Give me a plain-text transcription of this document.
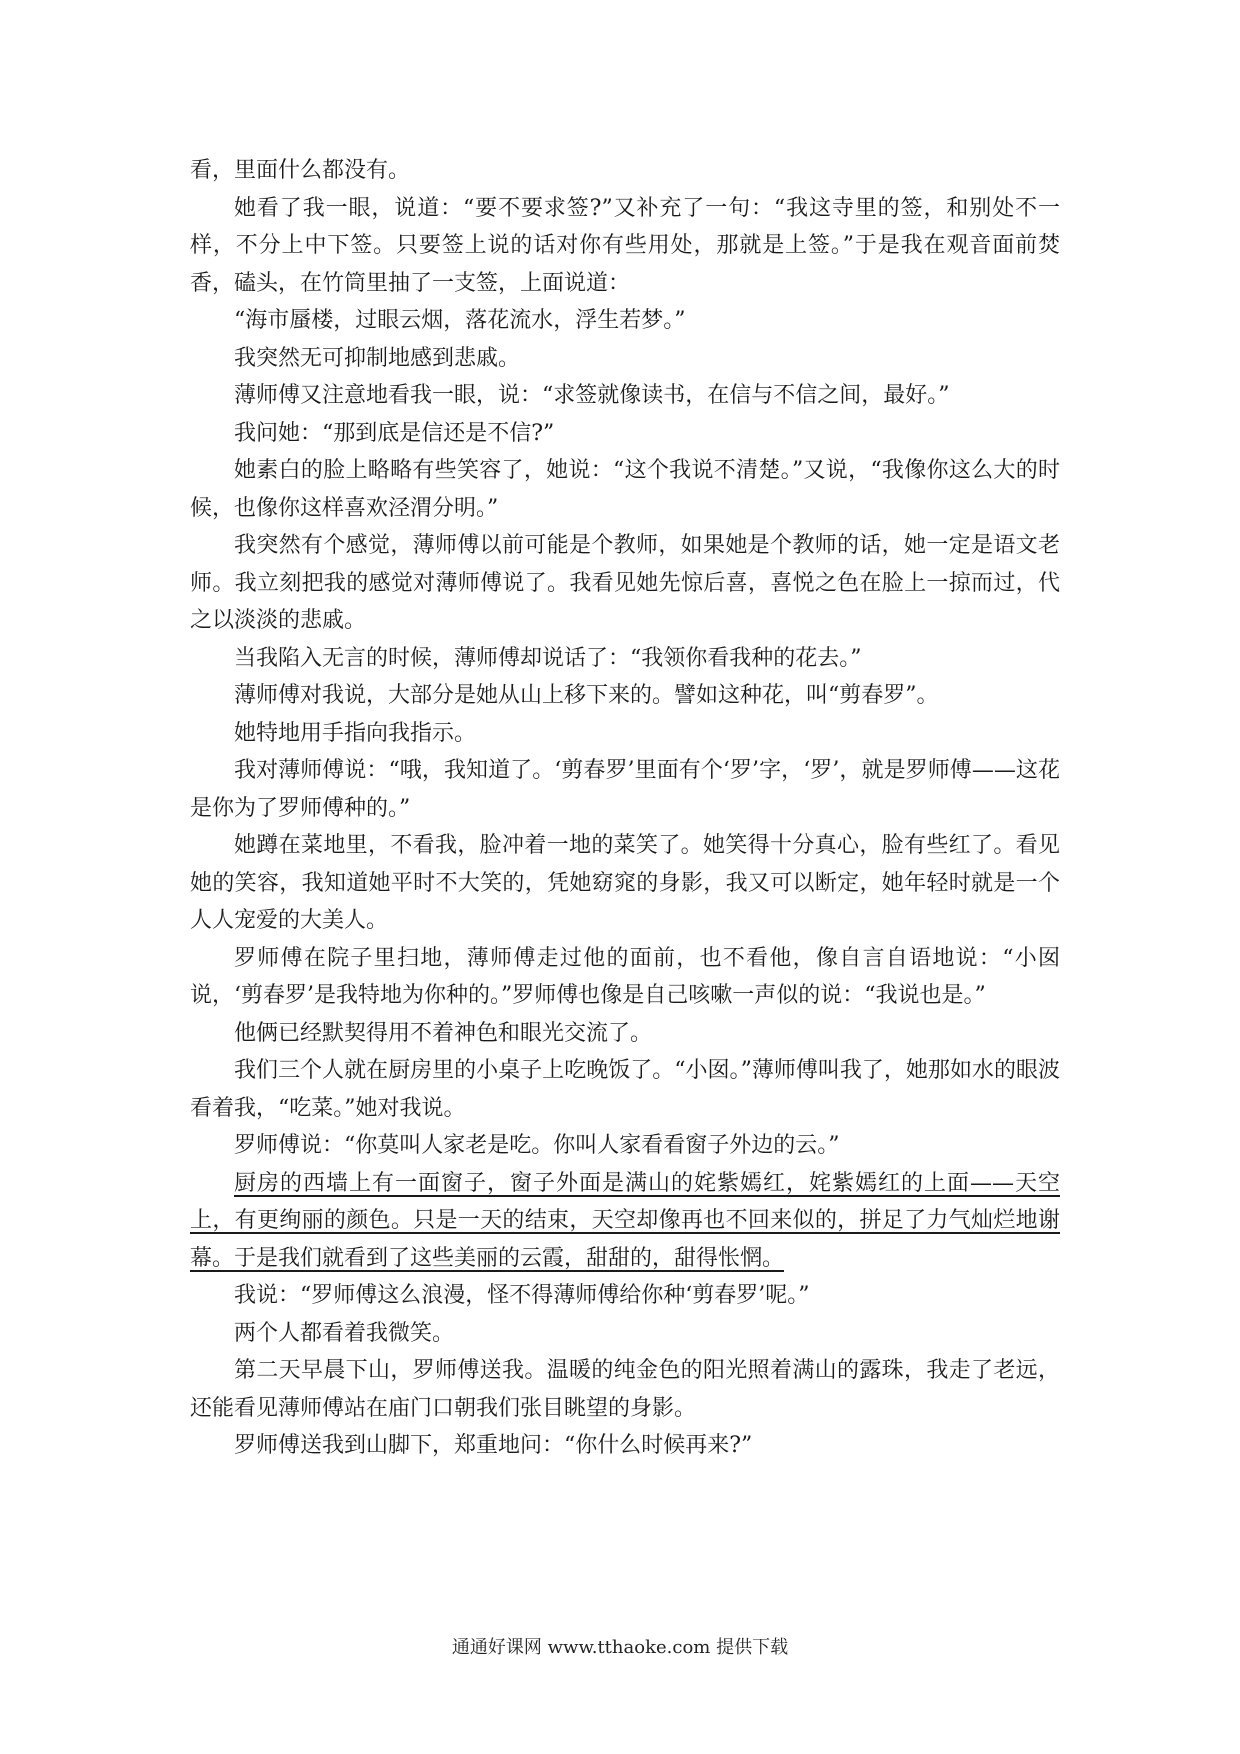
看，里面什么都没有。

她看了我一眼，说道：“要不要求签?”又补充了一句：“我这寺里的签，和别处不一样，不分上中下签。只要签上说的话对你有些用处，那就是上签。”于是我在观音面前焚香，磕头，在竹筒里抽了一支签，上面说道：

“海市蜃楼，过眼云烟，落花流水，浮生若梦。”

我突然无可抑制地感到悲戚。

薄师傅又注意地看我一眼，说：“求签就像读书，在信与不信之间，最好。”

我问她：“那到底是信还是不信?”

她素白的脸上略略有些笑容了，她说：“这个我说不清楚。”又说，“我像你这么大的时候，也像你这样喜欢泾渭分明。”

我突然有个感觉，薄师傅以前可能是个教师，如果她是个教师的话，她一定是语文老师。我立刻把我的感觉对薄师傅说了。我看见她先惊后喜，喜悦之色在脸上一掠而过，代之以淡淡的悲戚。

当我陷入无言的时候，薄师傅却说话了：“我领你看我种的花去。”

薄师傅对我说，大部分是她从山上移下来的。譬如这种花，叫“剪春罗”。

她特地用手指向我指示。

我对薄师傅说：“哦，我知道了。‘剪春罗’里面有个‘罗’字，‘罗’，就是罗师傅——这花是你为了罗师傅种的。”

她蹲在菜地里，不看我，脸冲着一地的菜笑了。她笑得十分真心，脸有些红了。看见她的笑容，我知道她平时不大笑的，凭她窈窕的身影，我又可以断定，她年轻时就是一个人人宠爱的大美人。

罗师傅在院子里扫地，薄师傅走过他的面前，也不看他，像自言自语地说：“小囡说，‘剪春罗’是我特地为你种的。”罗师傅也像是自己咳嗽一声似的说：“我说也是。”

他俩已经默契得用不着神色和眼光交流了。

我们三个人就在厨房里的小桌子上吃晚饭了。“小囡。”薄师傅叫我了，她那如水的眼波看着我，“吃菜。”她对我说。

罗师傅说：“你莫叫人家老是吃。你叫人家看看窗子外边的云。”

厨房的西墙上有一面窗子，窗子外面是满山的姹紫嫣红，姹紫嫣红的上面——天空上，有更绚丽的颜色。只是一天的结束，天空却像再也不回来似的，拼足了力气灿烂地谢幕。于是我们就看到了这些美丽的云霞，甜甜的，甜得怅惘。

我说：“罗师傅这么浪漫，怪不得薄师傅给你种‘剪春罗’呢。”

两个人都看着我微笑。

第二天早晨下山，罗师傅送我。温暖的纯金色的阳光照着满山的露珠，我走了老远，还能看见薄师傅站在庙门口朝我们张目眺望的身影。

罗师傅送我到山脚下，郑重地问：“你什么时候再来?”

通通好课网 www.tthaoke.com 提供下载
